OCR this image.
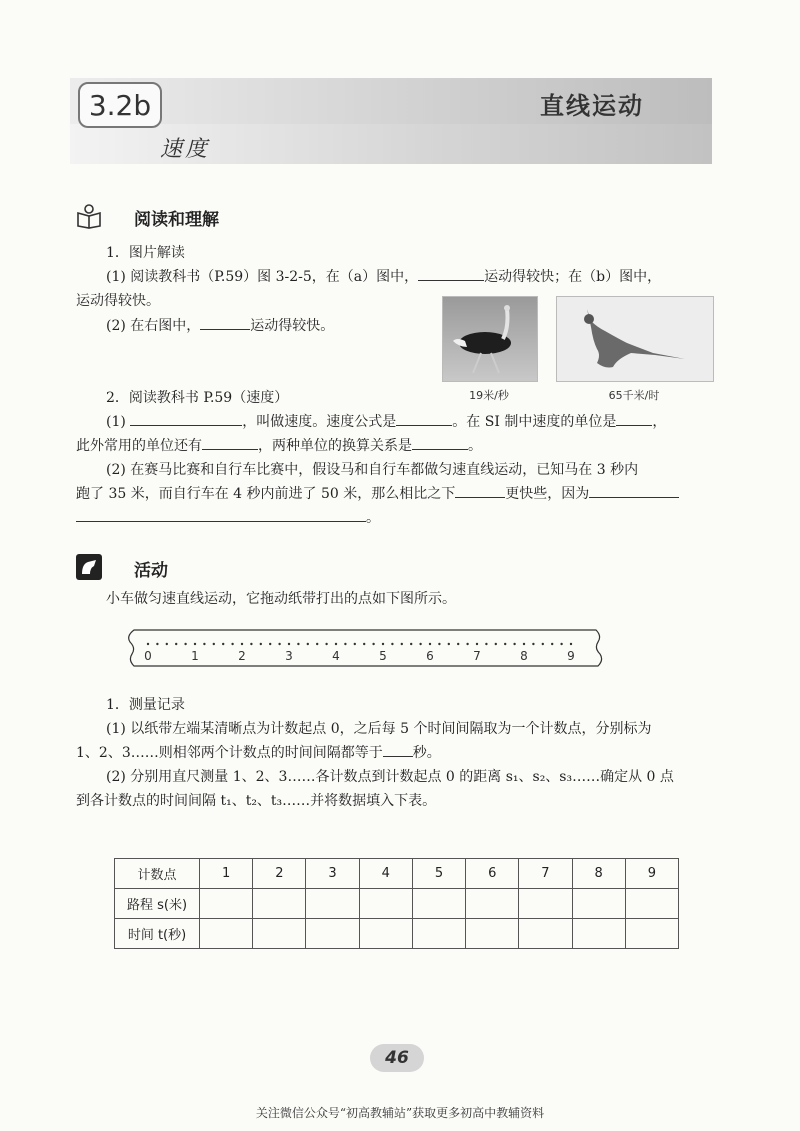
3.2b	直线运动
速度
阅读和理解
1．图片解读
(1) 阅读教科书（P.59）图 3-2-5，在（a）图中，	运动得较快；在（b）图中，
运动得较快。
(2) 在右图中，	运动得较快。
19米/秒	65千米/时
2．阅读教科书 P.59（速度）
(1)	，叫做速度。速度公式是	。在 SI 制中速度的单位是	，
此外常用的单位还有	，两种单位的换算关系是	。
(2) 在赛马比赛和自行车比赛中，假设马和自行车都做匀速直线运动，已知马在 3 秒内
跑了 35 米，而自行车在 4 秒内前进了 50 米，那么相比之下	更快些，因为
。
活动
小车做匀速直线运动，它拖动纸带打出的点如下图所示。
0	1	2	3	4	5	6	7	8	9
1．测量记录
(1) 以纸带左端某清晰点为计数起点 0，之后每 5 个时间间隔取为一个计数点，分别标为
1、2、3……则相邻两个计数点的时间间隔都等于 秒。
(2) 分别用直尺测量 1、2、3……各计数点到计数起点 0 的距离 s₁、s₂、s₃……确定从 0 点
到各计数点的时间间隔 t₁、t₂、t₃……并将数据填入下表。
计数点	1	2	3	4	5	6	7	8	9
路程 s(米)									
时间 t(秒)									
46
关注微信公众号“初高教辅站”获取更多初高中教辅资料
